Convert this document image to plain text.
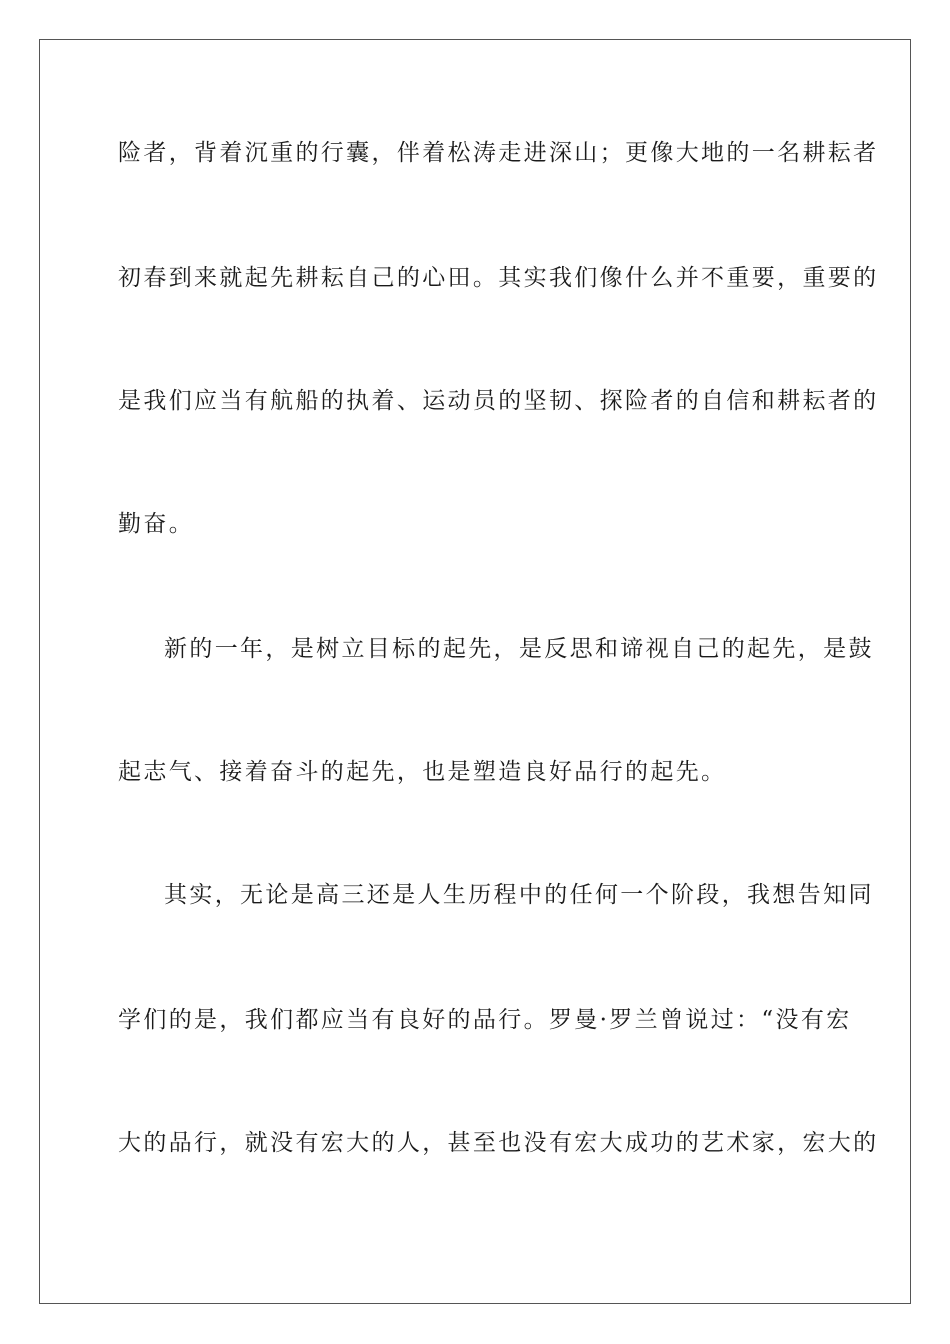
险者，背着沉重的行囊，伴着松涛走进深山；更像大地的一名耕耘者
初春到来就起先耕耘自己的心田。其实我们像什么并不重要，重要的
是我们应当有航船的执着、运动员的坚韧、探险者的自信和耕耘者的
勤奋。
新的一年，是树立目标的起先，是反思和谛视自己的起先，是鼓
起志气、接着奋斗的起先，也是塑造良好品行的起先。
其实，无论是高三还是人生历程中的任何一个阶段，我想告知同
学们的是，我们都应当有良好的品行。罗曼·罗兰曾说过：“没有宏
大的品行，就没有宏大的人，甚至也没有宏大成功的艺术家，宏大的
